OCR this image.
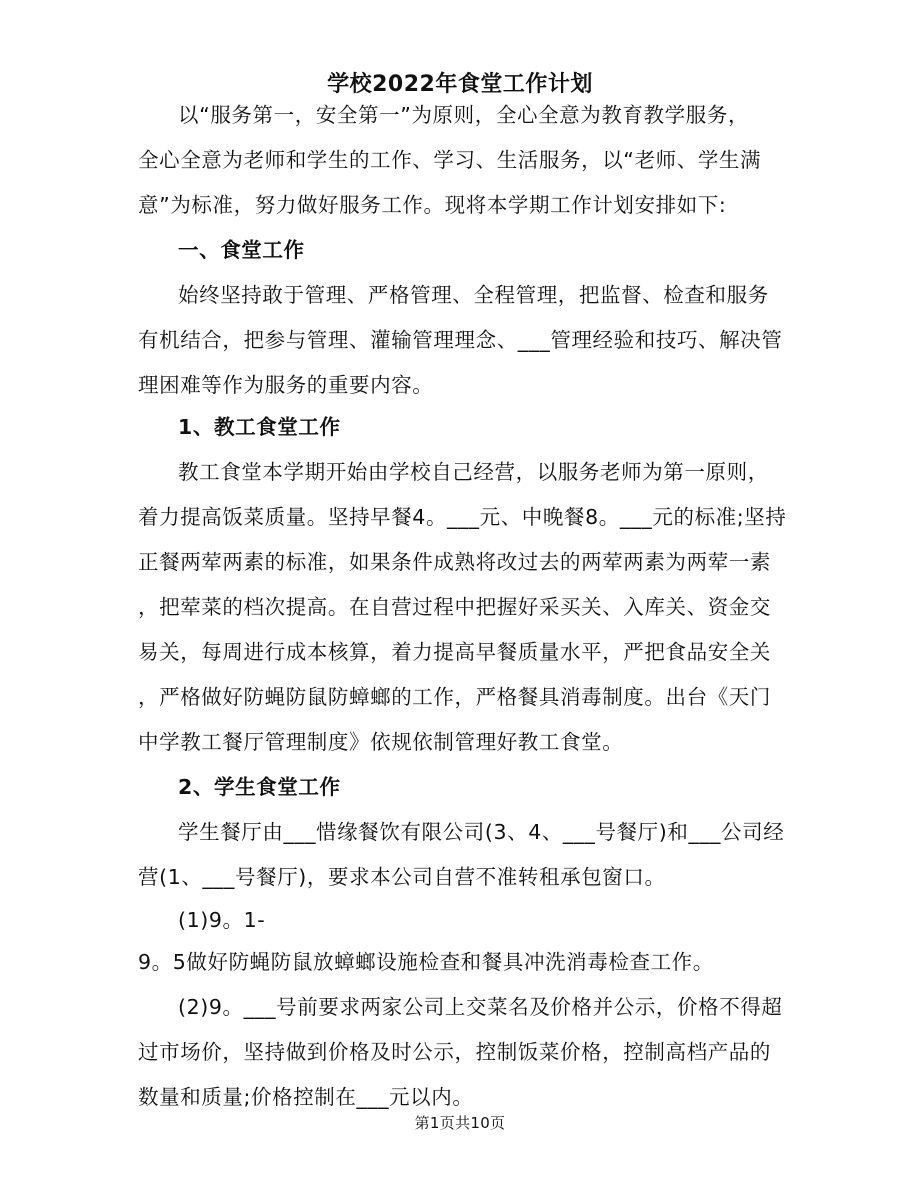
学校2022年食堂工作计划
以“服务第一，安全第一”为原则，全心全意为教育教学服务，
全心全意为老师和学生的工作、学习、生活服务，以“老师、学生满
意”为标准，努力做好服务工作。现将本学期工作计划安排如下:
一、食堂工作
始终坚持敢于管理、严格管理、全程管理，把监督、检查和服务
有机结合，把参与管理、灌输管理理念、___管理经验和技巧、解决管
理困难等作为服务的重要内容。
1、教工食堂工作
教工食堂本学期开始由学校自己经营，以服务老师为第一原则，
着力提高饭菜质量。坚持早餐4。___元、中晚餐8。___元的标准;坚持
正餐两荤两素的标准，如果条件成熟将改过去的两荤两素为两荤一素
，把荤菜的档次提高。在自营过程中把握好采买关、入库关、资金交
易关，每周进行成本核算，着力提高早餐质量水平，严把食品安全关
，严格做好防蝇防鼠防蟑螂的工作，严格餐具消毒制度。出台《天门
中学教工餐厅管理制度》依规依制管理好教工食堂。
2、学生食堂工作
学生餐厅由___惜缘餐饮有限公司(3、4、___号餐厅)和___公司经
营(1、___号餐厅)，要求本公司自营不准转租承包窗口。
(1)9。1-
9。5做好防蝇防鼠放蟑螂设施检查和餐具冲洗消毒检查工作。
(2)9。___号前要求两家公司上交菜名及价格并公示，价格不得超
过市场价，坚持做到价格及时公示，控制饭菜价格，控制高档产品的
数量和质量;价格控制在___元以内。
第1页共10页
